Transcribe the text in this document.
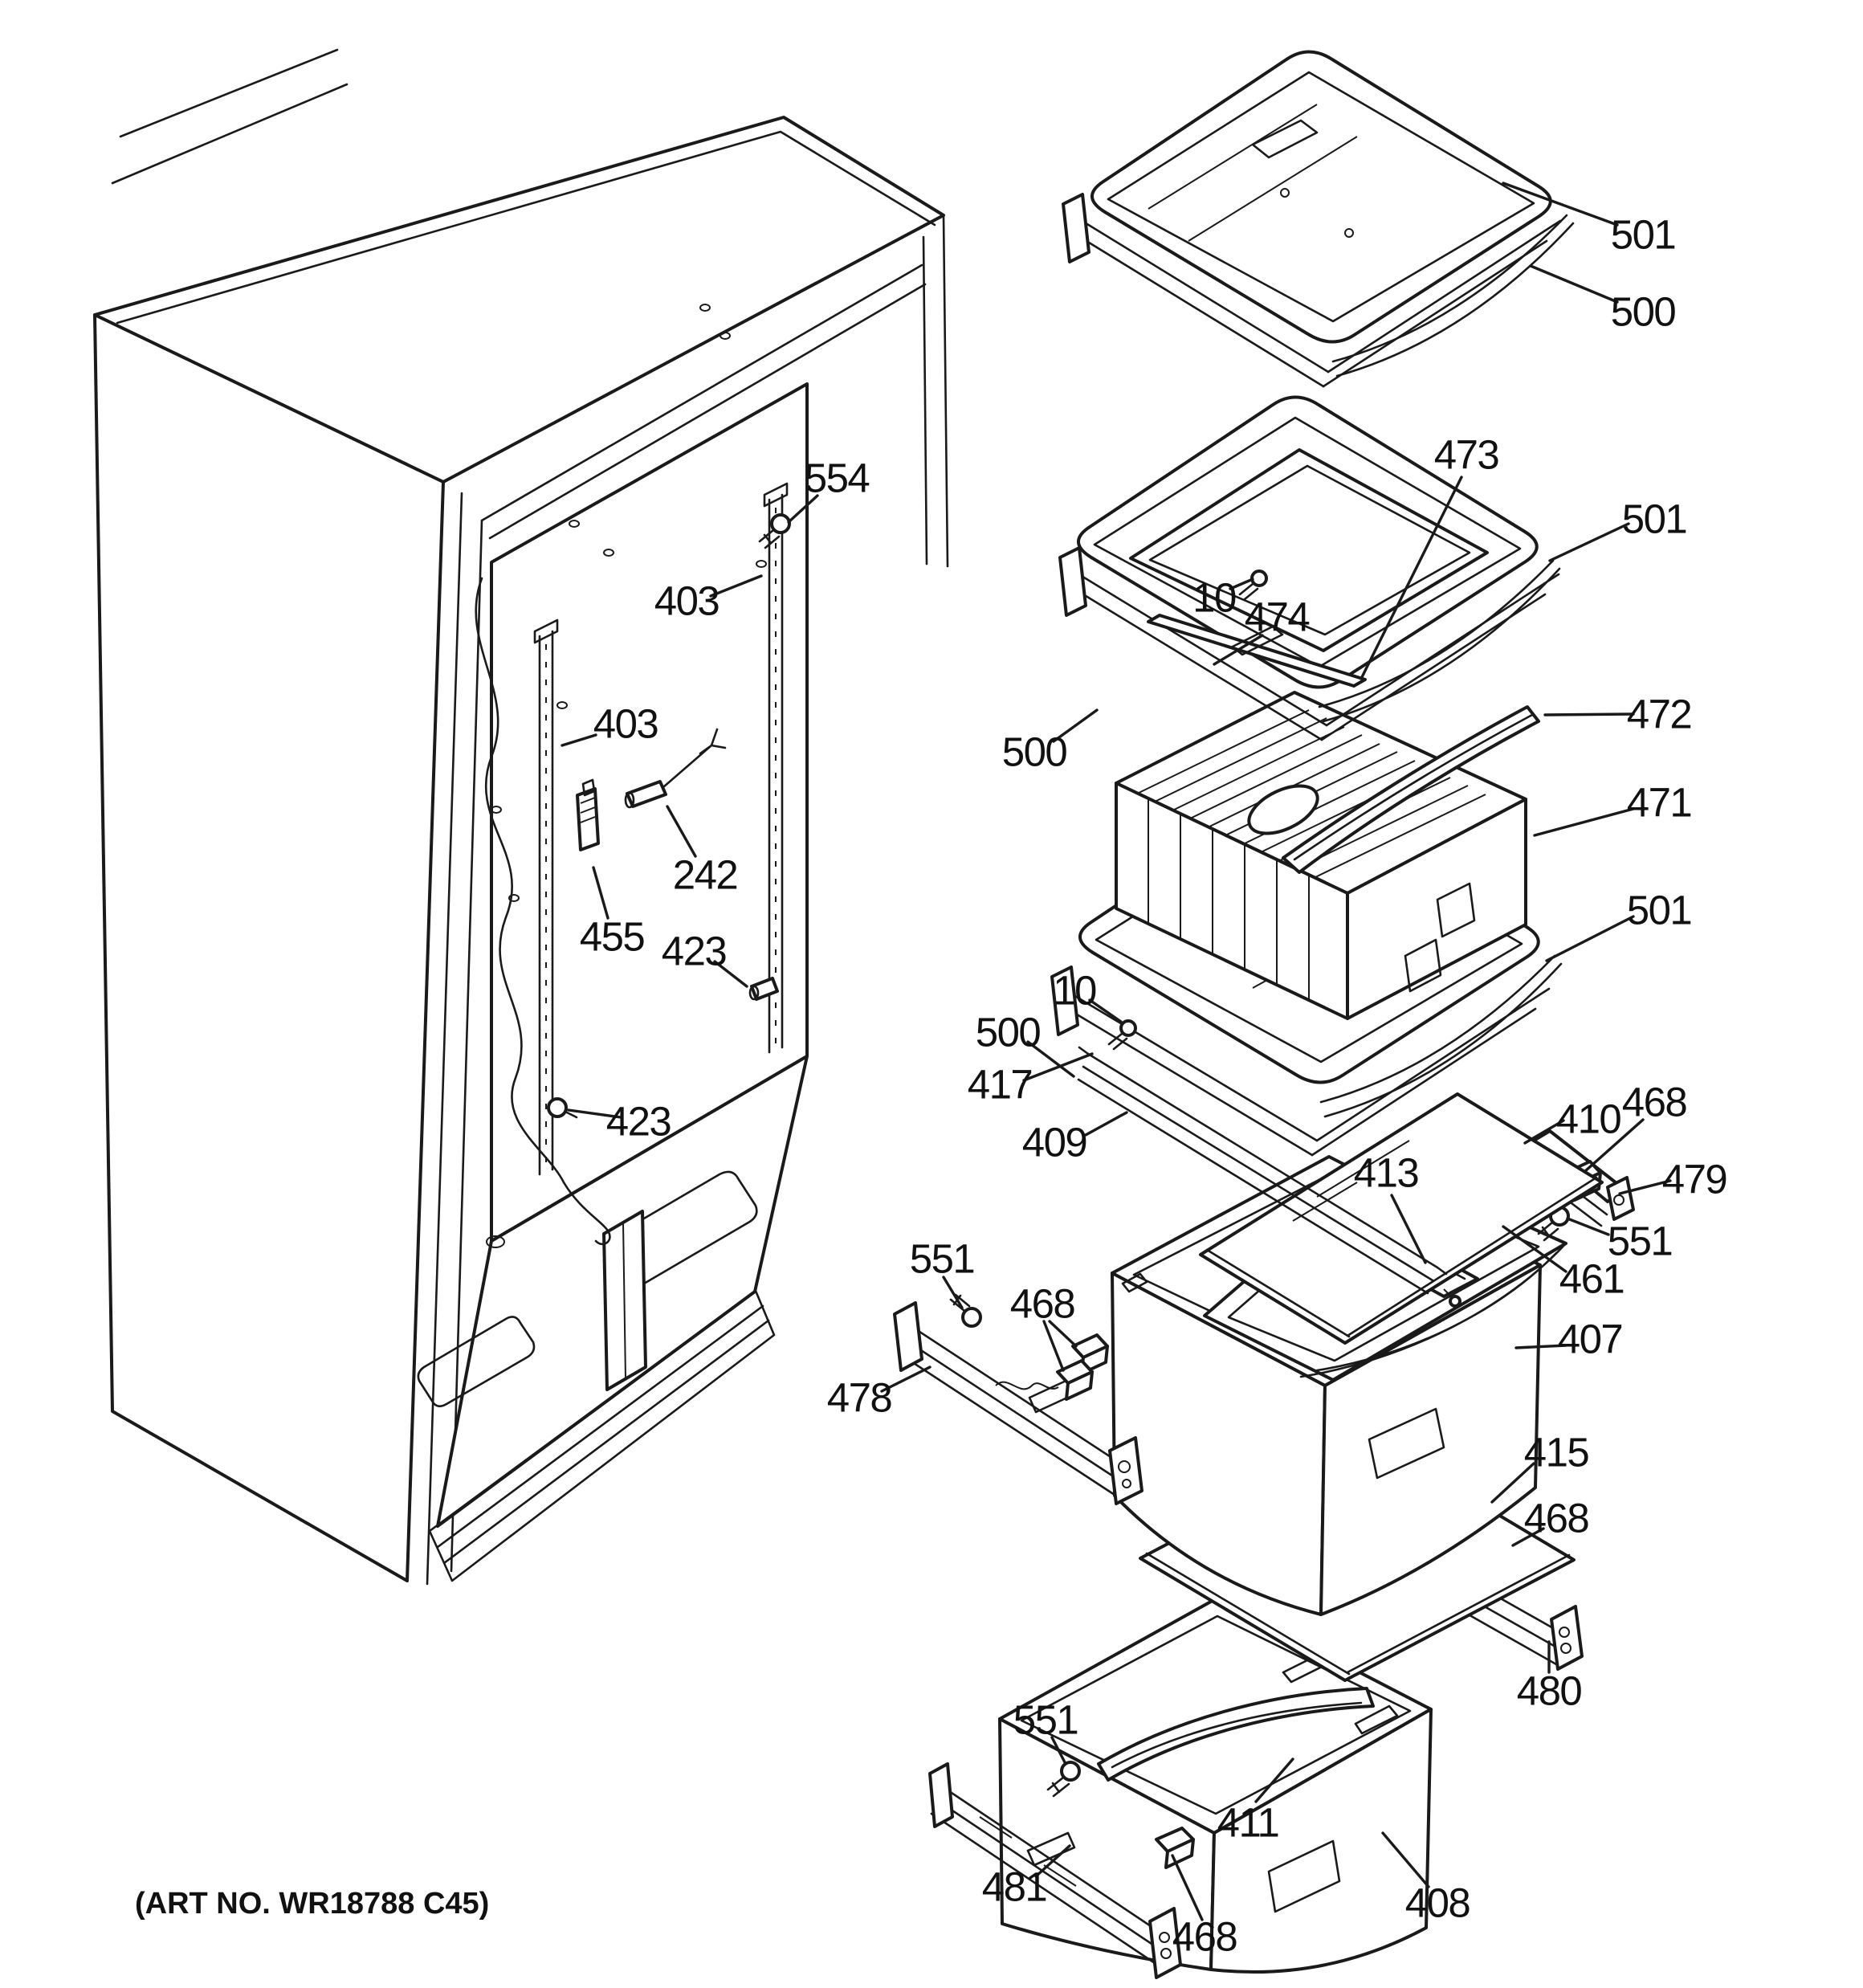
501
500
473
501
10 474
500
472
471
501
10
500
417
409
413
468
410
479
551
461
407
551
468
478
415
468
480
551
411
481
468
408
554
403
403
242
455 423
423
(ART NO. WR18788 C45)
